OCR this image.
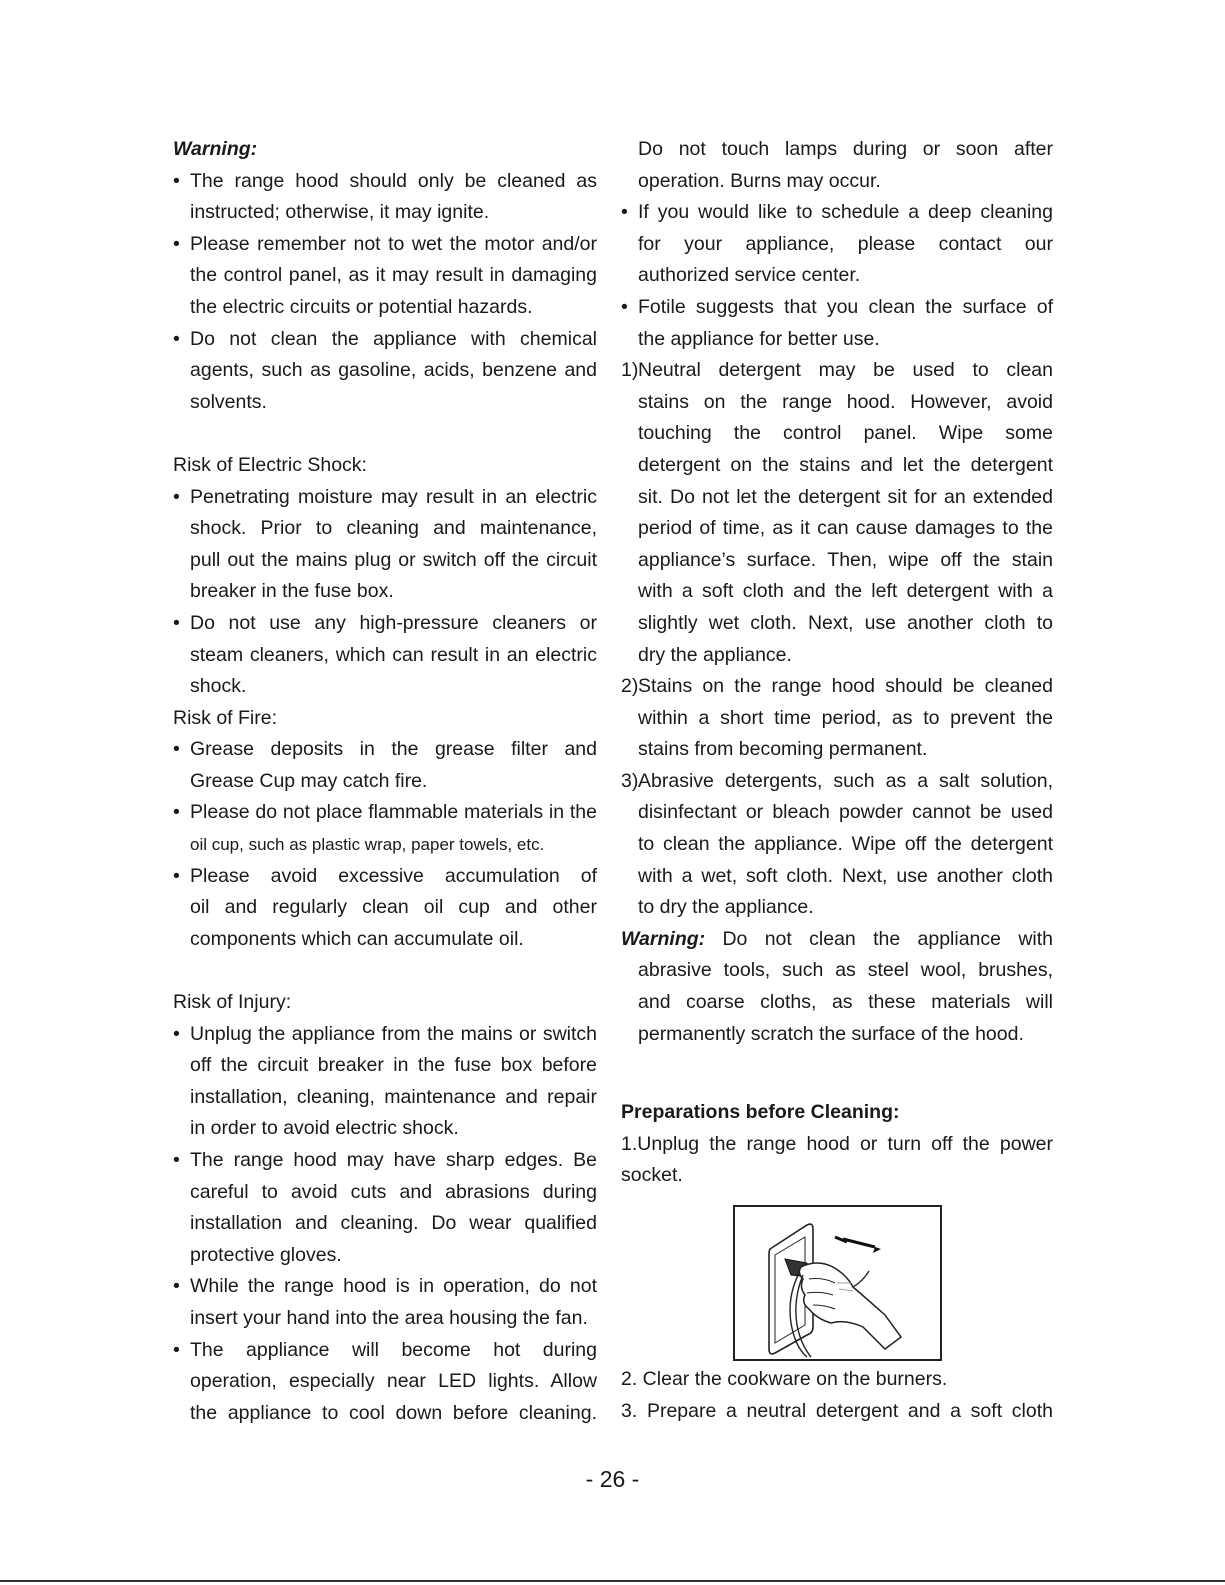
Warning:

• The range hood should only be cleaned as

instructed; otherwise, it may ignite.

• Please remember not to wet the motor and/or

the control panel, as it may result in damaging

the electric circuits or potential hazards.

• Do not clean the appliance with chemical

agents, such as gasoline, acids, benzene and

solvents.

Risk of Electric Shock:

• Penetrating moisture may result in an electric

shock. Prior to cleaning and maintenance,

pull out the mains plug or switch off the circuit

breaker in the fuse box.

• Do not use any high-pressure cleaners or

steam cleaners, which can result in an electric

shock.

Risk of Fire:

• Grease deposits in the grease filter and

Grease Cup may catch fire.

• Please do not place flammable materials in the

oil cup, such as plastic wrap, paper towels, etc.

• Please avoid excessive accumulation of

oil and regularly clean oil cup and other

components which can accumulate oil.

Risk of Injury:

• Unplug the appliance from the mains or switch

off the circuit breaker in the fuse box before

installation, cleaning, maintenance and repair

in order to avoid electric shock.

• The range hood may have sharp edges. Be

careful to avoid cuts and abrasions during

installation and cleaning. Do wear qualified

protective gloves.

• While the range hood is in operation, do not

insert your hand into the area housing the fan.

• The appliance will become hot during

operation, especially near LED lights. Allow

the appliance to cool down before cleaning.

Do not touch lamps during or soon after

operation. Burns may occur.

• If you would like to schedule a deep cleaning

for your appliance, please contact our

authorized service center.

• Fotile suggests that you clean the surface of

the appliance for better use.

1) Neutral detergent may be used to clean

stains on the range hood. However, avoid

touching the control panel. Wipe some

detergent on the stains and let the detergent

sit. Do not let the detergent sit for an extended

period of time, as it can cause damages to the

appliance’s surface. Then, wipe off the stain

with a soft cloth and the left detergent with a

slightly wet cloth. Next, use another cloth to

dry the appliance.

2) Stains on the range hood should be cleaned

within a short time period, as to prevent the

stains from becoming permanent.

3) Abrasive detergents, such as a salt solution,

disinfectant or bleach powder cannot be used

to clean the appliance. Wipe off the detergent

with a wet, soft cloth. Next, use another cloth

to dry the appliance.

Warning: Do not clean the appliance with

abrasive tools, such as steel wool, brushes,

and coarse cloths, as these materials will

permanently scratch the surface of the hood.

Preparations before Cleaning:

1.Unplug the range hood or turn off the power

socket.

2. Clear the cookware on the burners.

3. Prepare a neutral detergent and a soft cloth

- 26 -
